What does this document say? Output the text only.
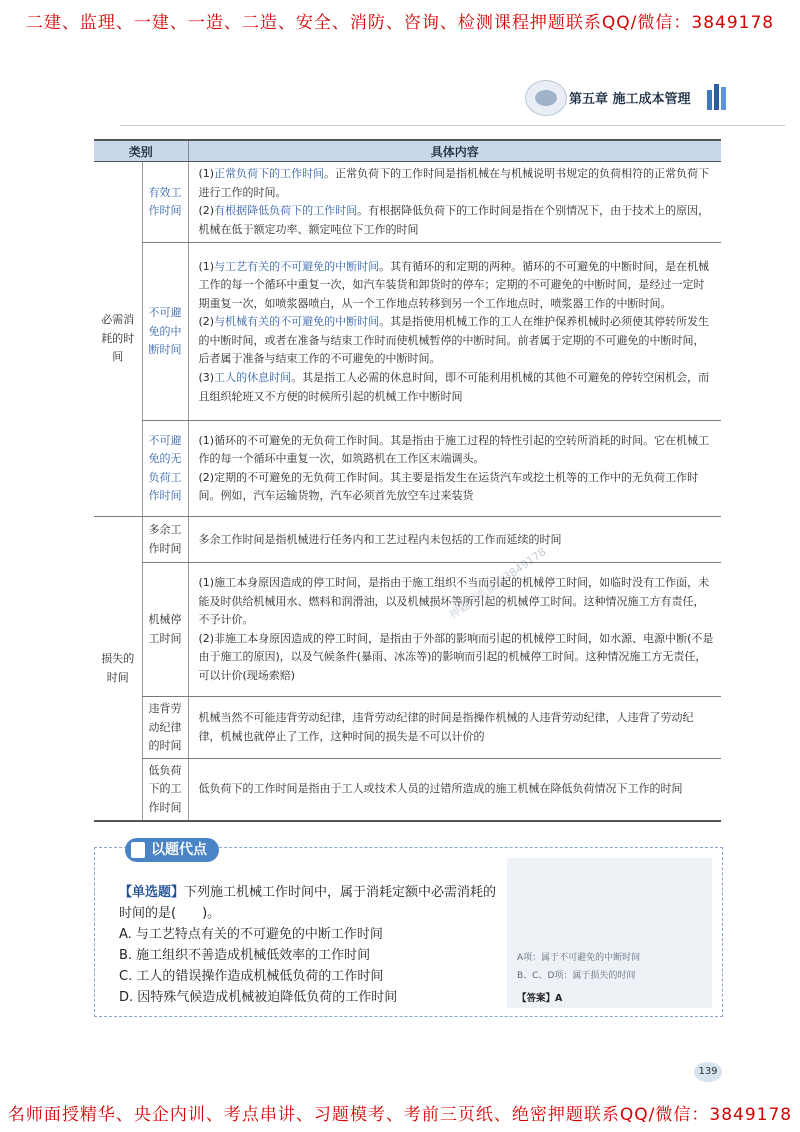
二建、监理、一建、一造、二造、安全、消防、咨询、检测课程押题联系QQ/微信：3849178
第五章 施工成本管理
类别		具体内容

必需消耗的时间	有效工作时间	(1)正常负荷下的工作时间。正常负荷下的工作时间是指机械在与机械说明书规定的负荷相符的正常负荷下进行工作的时间。
(2)有根据降低负荷下的工作时间。有根据降低负荷下的工作时间是指在个别情况下，由于技术上的原因，机械在低于额定功率、额定吨位下工作的时间

	不可避免的中断时间	(1)与工艺有关的不可避免的中断时间。其有循环的和定期的两种。循环的不可避免的中断时间，是在机械工作的每一个循环中重复一次，如汽车装货和卸货时的停车；定期的不可避免的中断时间，是经过一定时期重复一次，如喷浆器喷白，从一个工作地点转移到另一个工作地点时，喷浆器工作的中断时间。
(2)与机械有关的不可避免的中断时间。其是指使用机械工作的工人在维护保养机械时必须使其停转所发生的中断时间，或者在准备与结束工作时而使机械暂停的中断时间。前者属于定期的不可避免的中断时间，后者属于准备与结束工作的不可避免的中断时间。
(3)工人的休息时间。其是指工人必需的休息时间，即不可能利用机械的其他不可避免的停转空闲机会，而且组织轮班又不方便的时候所引起的机械工作中断时间

	不可避免的无负荷工作时间	(1)循环的不可避免的无负荷工作时间。其是指由于施工过程的特性引起的空转所消耗的时间。它在机械工作的每一个循环中重复一次，如筑路机在工作区末端调头。
(2)定期的不可避免的无负荷工作时间。其主要是指发生在运货汽车或挖土机等的工作中的无负荷工作时间。例如，汽车运输货物，汽车必须首先放空车过来装货

损失的时间	多余工作时间	多余工作时间是指机械进行任务内和工艺过程内未包括的工作而延续的时间

	机械停工时间	(1)施工本身原因造成的停工时间，是指由于施工组织不当而引起的机械停工时间，如临时没有工作面，未能及时供给机械用水、燃料和润滑油，以及机械损坏等所引起的机械停工时间。这种情况施工方有责任，不予计价。
(2)非施工本身原因造成的停工时间，是指由于外部的影响而引起的机械停工时间，如水源、电源中断(不是由于施工的原因)，以及气候条件(暴雨、冰冻等)的影响而引起的机械停工时间。这种情况施工方无责任，可以计价(现场索赔)

	违背劳动纪律的时间	机械当然不可能违背劳动纪律，违背劳动纪律的时间是指操作机械的人违背劳动纪律，人违背了劳动纪律，机械也就停止了工作，这种时间的损失是不可以计价的

	低负荷下的工作时间	低负荷下的工作时间是指由于工人或技术人员的过错所造成的施工机械在降低负荷情况下工作的时间
以题代点
【单选题】下列施工机械工作时间中，属于消耗定额中必需消耗的时间的是(　　)。
A. 与工艺特点有关的不可避免的中断工作时间
B. 施工组织不善造成机械低效率的工作时间
C. 工人的错误操作造成机械低负荷的工作时间
D. 因特殊气候造成机械被迫降低负荷的工作时间
A项：属于不可避免的中断时间
B、C、D项：属于损失的时间
【答案】A
押题联系微信3849178
139
名师面授精华、央企内训、考点串讲、习题模考、考前三页纸、绝密押题联系QQ/微信：3849178
